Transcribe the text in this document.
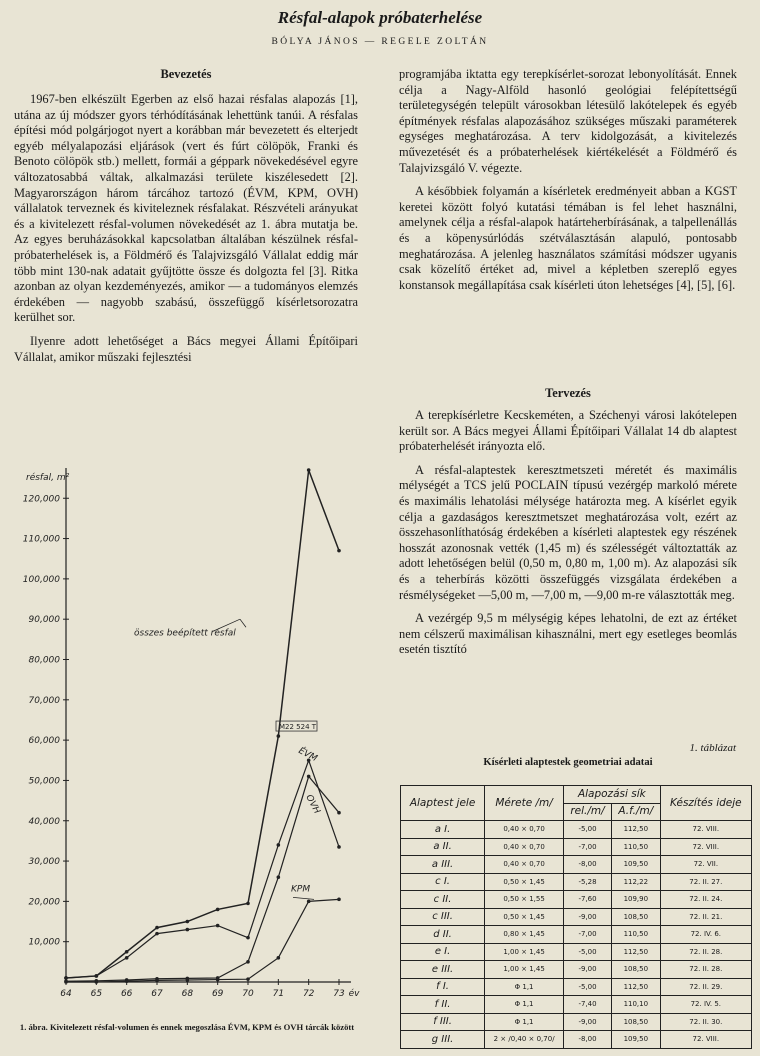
Résfal-alapok próbaterhelése
BÓLYA JÁNOS — REGELE ZOLTÁN
Bevezetés

1967-ben elkészült Egerben az első hazai résfalas alapozás [1], utána az új módszer gyors térhódításának lehettünk tanúi. A résfalas építési mód polgárjogot nyert a korábban már bevezetett és elterjedt egyéb mélyalapozási eljárások (vert és fúrt cölöpök, Franki és Benoto cölöpök stb.) mellett, formái a géppark növekedésével egyre változatosabbá váltak, alkalmazási területe kiszélesedett [2]. Magyarországon három tárcához tartozó (ÉVM, KPM, OVH) vállalatok terveznek és kiviteleznek résfalakat. Részvételi arányukat és a kivitelezett résfal-volumen növekedését az 1. ábra mutatja be. Az egyes beruházásokkal kapcsolatban általában készülnek résfal-próbaterhelések is, a Földmérő és Talajvizsgáló Vállalat eddig már több mint 130-nak adatait gyűjtötte össze és dolgozta fel [3]. Ritka azonban az olyan kezdeményezés, amikor — a tudományos elemzés érdekében — nagyobb szabású, összefüggő kísérletsorozatra kerülhet sor.

Ilyenre adott lehetőséget a Bács megyei Állami Építőipari Vállalat, amikor műszaki fejlesztési

10,000
20,000
30,000
40,000
50,000
60,000
70,000
80,000
90,000
100,000
110,000
120,000
64 65 66 67 68 69 70 71 72 73 év
résfal, m²
összes beépített résfal
ÉVM
OVH
KPM
M22 524 T
1. ábra. Kivitelezett résfal-volumen és ennek megoszlása ÉVM, KPM és OVH tárcák között

programjába iktatta egy terepkísérlet-sorozat lebonyolítását. Ennek célja a Nagy-Alföld hasonló geológiai felépítettségű területegységén települt városokban létesülő lakótelepek és egyéb építmények résfalas alapozásához szükséges műszaki paraméterek egységes meghatározása. A terv kidolgozását, a kivitelezés művezetését és a próbaterhelések kiértékelését a Földmérő és Talajvizsgáló V. végezte.

A későbbiek folyamán a kísérletek eredményeit abban a KGST keretei között folyó kutatási témában is fel lehet használni, amelynek célja a résfal-alapok határteherbírásának, a talpellenállás és a köpenysúrlódás szétválasztásán alapuló, pontosabb meghatározása. A jelenleg használatos számítási módszer ugyanis csak közelítő értéket ad, mivel a képletben szereplő egyes konstansok megállapítása csak kísérleti úton lehetséges [4], [5], [6].

Tervezés

A terepkísérletre Kecskeméten, a Széchenyi városi lakótelepen került sor. A Bács megyei Állami Építőipari Vállalat 14 db alaptest próbaterhelését irányozta elő.

A résfal-alaptestek keresztmetszeti méretét és maximális mélységét a TCS jelű POCLAIN típusú vezérgép markoló mérete és maximális lehatolási mélysége határozta meg. A kísérlet egyik célja a gazdaságos keresztmetszet meghatározása volt, ezért az összehasonlíthatóság érdekében a kísérleti alaptestek egy részének hosszát azonosnak vették (1,45 m) és szélességét változtatták az adott lehetőségen belül (0,50 m, 0,80 m, 1,00 m). Az alapozási sík és a teherbírás közötti összefüggés vizsgálata érdekében a résmélységeket —5,00 m, —7,00 m, —9,00 m-re választották meg.

A vezérgép 9,5 m mélységig képes lehatolni, de ezt az értéket nem célszerű maximálisan kihasználni, mert egy esetleges beomlás esetén tisztító

1. táblázat
Kísérleti alaptestek geometriai adatai
Alaptest jele	Mérete /m/	Alapozási sík		Készítés ideje
		rel./m/	A.f./m/	
a I.	0,40 × 0,70	-5,00	112,50	72. VIII.
a II.	0,40 × 0,70	-7,00	110,50	72. VIII.
a III.	0,40 × 0,70	-8,00	109,50	72. VII.
c I.	0,50 × 1,45	-5,28	112,22	72. II. 27.
c II.	0,50 × 1,55	-7,60	109,90	72. II. 24.
c III.	0,50 × 1,45	-9,00	108,50	72. II. 21.
d II.	0,80 × 1,45	-7,00	110,50	72. IV. 6.
e I.	1,00 × 1,45	-5,00	112,50	72. II. 28.
e III.	1,00 × 1,45	-9,00	108,50	72. II. 28.
f I.	Φ 1,1	-5,00	112,50	72. II. 29.
f II.	Φ 1,1	-7,40	110,10	72. IV. 5.
f III.	Φ 1,1	-9,00	108,50	72. II. 30.
g III.	2 × /0,40 × 0,70/	-8,00	109,50	72. VIII.
